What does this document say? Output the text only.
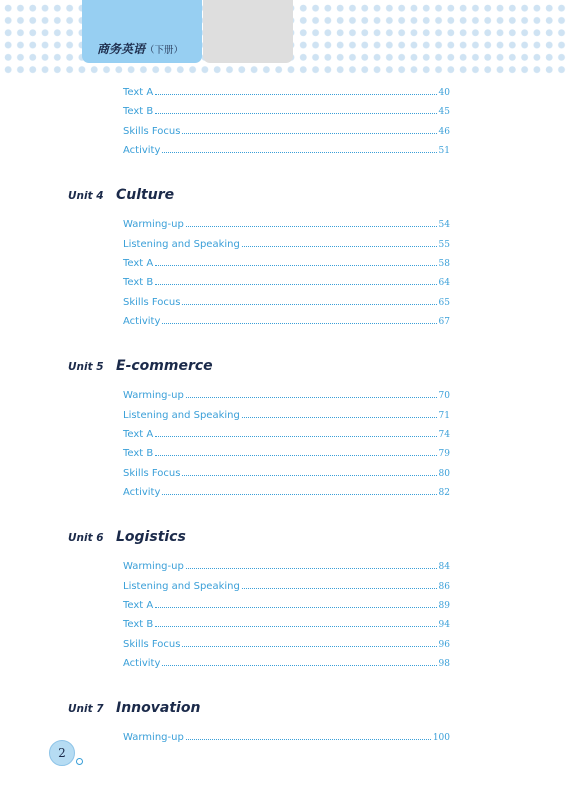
商务英语（下册）
Text A	40
Text B	45
Skills Focus	46
Activity	51
Unit 4 Culture
Warming-up	54
Listening and Speaking	55
Text A	58
Text B	64
Skills Focus	65
Activity	67
Unit 5 E-commerce
Warming-up	70
Listening and Speaking	71
Text A	74
Text B	79
Skills Focus	80
Activity	82
Unit 6 Logistics
Warming-up	84
Listening and Speaking	86
Text A	89
Text B	94
Skills Focus	96
Activity	98
Unit 7 Innovation
Warming-up	100
2
